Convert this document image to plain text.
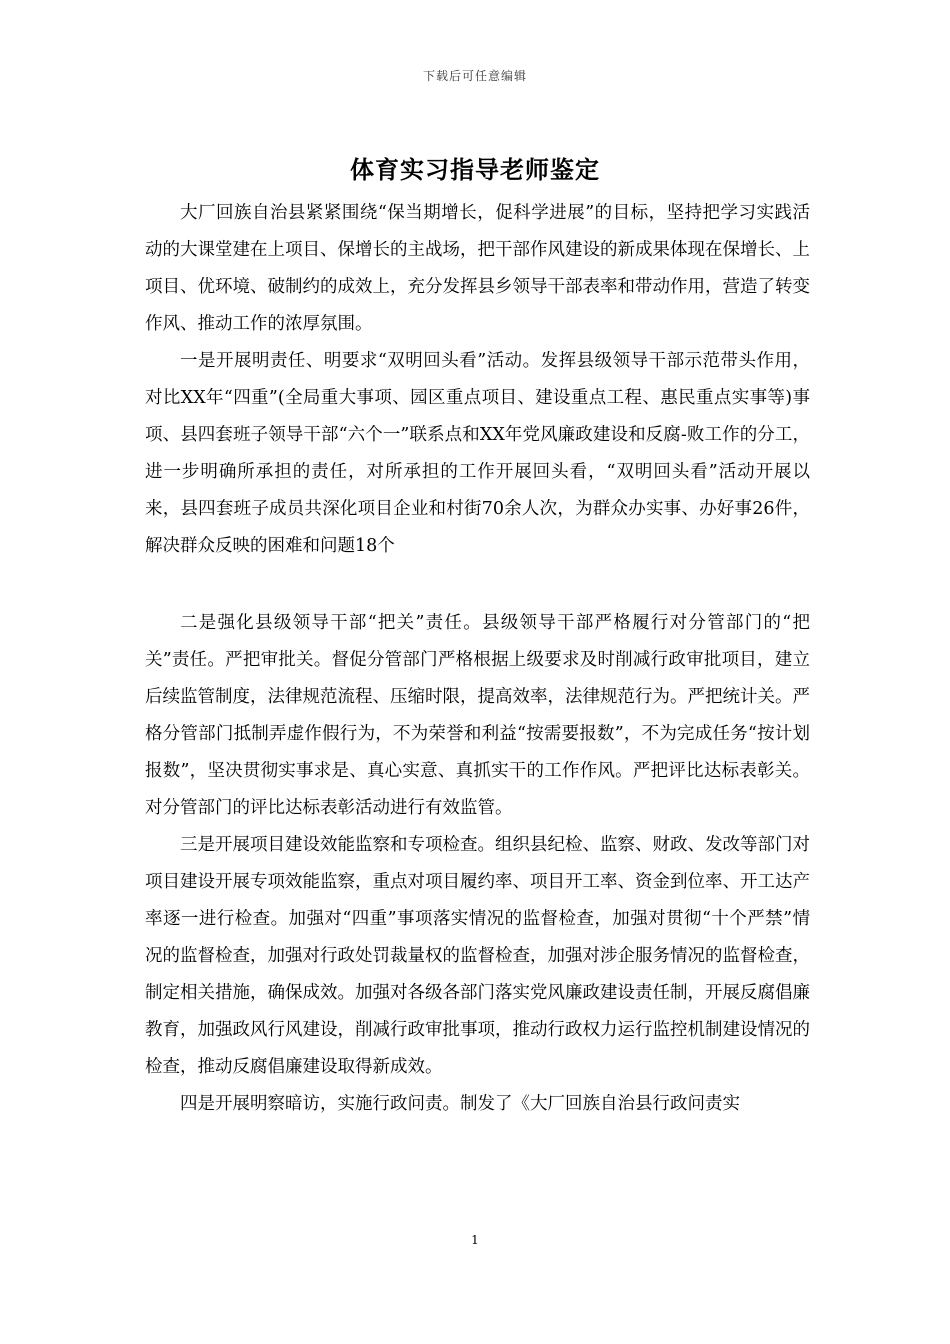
下载后可任意编辑
体育实习指导老师鉴定

大厂回族自治县紧紧围绕“保当期增长，促科学进展”的目标，坚持把学习实践活动的大课堂建在上项目、保增长的主战场，把干部作风建设的新成果体现在保增长、上项目、优环境、破制约的成效上，充分发挥县乡领导干部表率和带动作用，营造了转变作风、推动工作的浓厚氛围。

一是开展明责任、明要求“双明回头看”活动。发挥县级领导干部示范带头作用，对比XX年“四重”(全局重大事项、园区重点项目、建设重点工程、惠民重点实事等)事项、县四套班子领导干部“六个一”联系点和XX年党风廉政建设和反腐-败工作的分工，进一步明确所承担的责任，对所承担的工作开展回头看，“双明回头看”活动开展以来，县四套班子成员共深化项目企业和村街70余人次，为群众办实事、办好事26件，解决群众反映的困难和问题18个

二是强化县级领导干部“把关”责任。县级领导干部严格履行对分管部门的“把关”责任。严把审批关。督促分管部门严格根据上级要求及时削减行政审批项目，建立后续监管制度，法律规范流程、压缩时限，提高效率，法律规范行为。严把统计关。严格分管部门抵制弄虚作假行为，不为荣誉和利益“按需要报数”，不为完成任务“按计划报数”，坚决贯彻实事求是、真心实意、真抓实干的工作作风。严把评比达标表彰关。对分管部门的评比达标表彰活动进行有效监管。

三是开展项目建设效能监察和专项检查。组织县纪检、监察、财政、发改等部门对项目建设开展专项效能监察，重点对项目履约率、项目开工率、资金到位率、开工达产率逐一进行检查。加强对“四重”事项落实情况的监督检查，加强对贯彻“十个严禁”情况的监督检查，加强对行政处罚裁量权的监督检查，加强对涉企服务情况的监督检查，制定相关措施，确保成效。加强对各级各部门落实党风廉政建设责任制，开展反腐倡廉教育，加强政风行风建设，削减行政审批事项，推动行政权力运行监控机制建设情况的检查，推动反腐倡廉建设取得新成效。

四是开展明察暗访，实施行政问责。制发了《大厂回族自治县行政问责实

1
